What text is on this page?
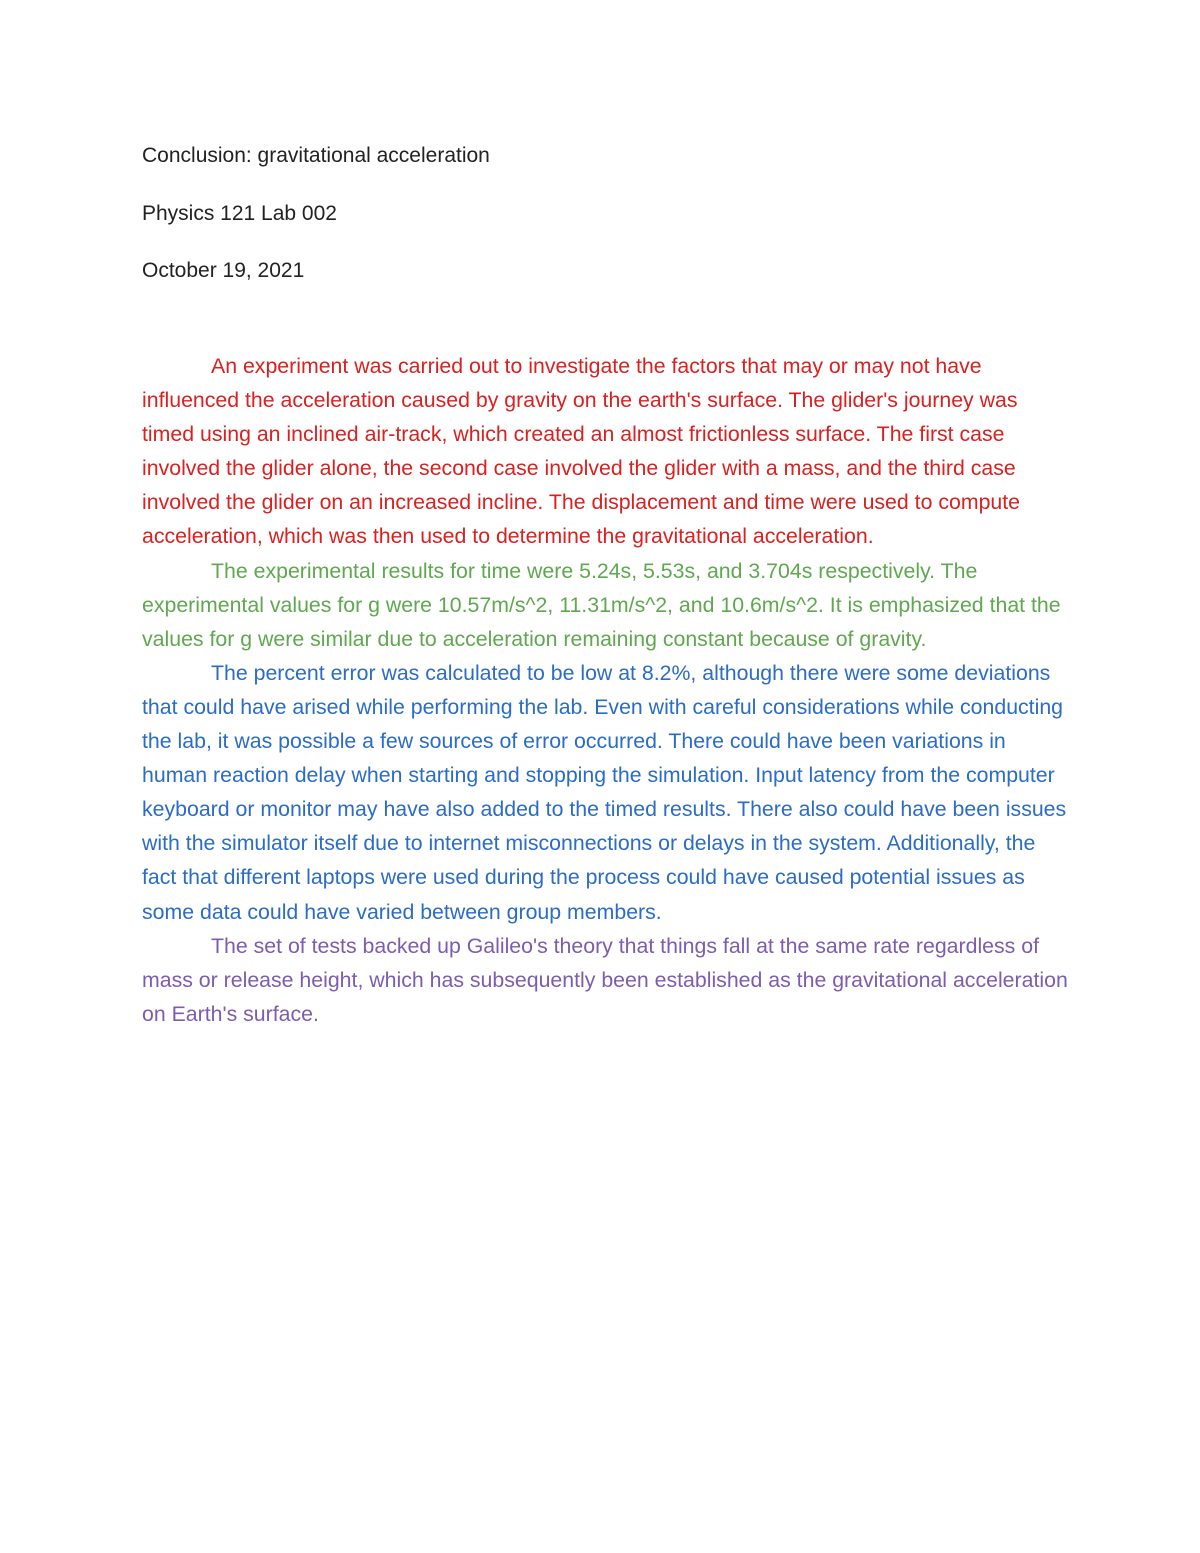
Conclusion: gravitational acceleration
Physics 121 Lab 002
October 19, 2021

An experiment was carried out to investigate the factors that may or may not have influenced the acceleration caused by gravity on the earth's surface. The glider's journey was timed using an inclined air-track, which created an almost frictionless surface. The first case involved the glider alone, the second case involved the glider with a mass, and the third case involved the glider on an increased incline. The displacement and time were used to compute acceleration, which was then used to determine the gravitational acceleration.

The experimental results for time were 5.24s, 5.53s, and 3.704s respectively. The experimental values for g were 10.57m/s^2, 11.31m/s^2, and 10.6m/s^2. It is emphasized that the values for g were similar due to acceleration remaining constant because of gravity.

The percent error was calculated to be low at 8.2%, although there were some deviations that could have arised while performing the lab. Even with careful considerations while conducting the lab, it was possible a few sources of error occurred. There could have been variations in human reaction delay when starting and stopping the simulation. Input latency from the computer keyboard or monitor may have also added to the timed results. There also could have been issues with the simulator itself due to internet misconnections or delays in the system. Additionally, the fact that different laptops were used during the process could have caused potential issues as some data could have varied between group members.

The set of tests backed up Galileo's theory that things fall at the same rate regardless of mass or release height, which has subsequently been established as the gravitational acceleration on Earth's surface.
